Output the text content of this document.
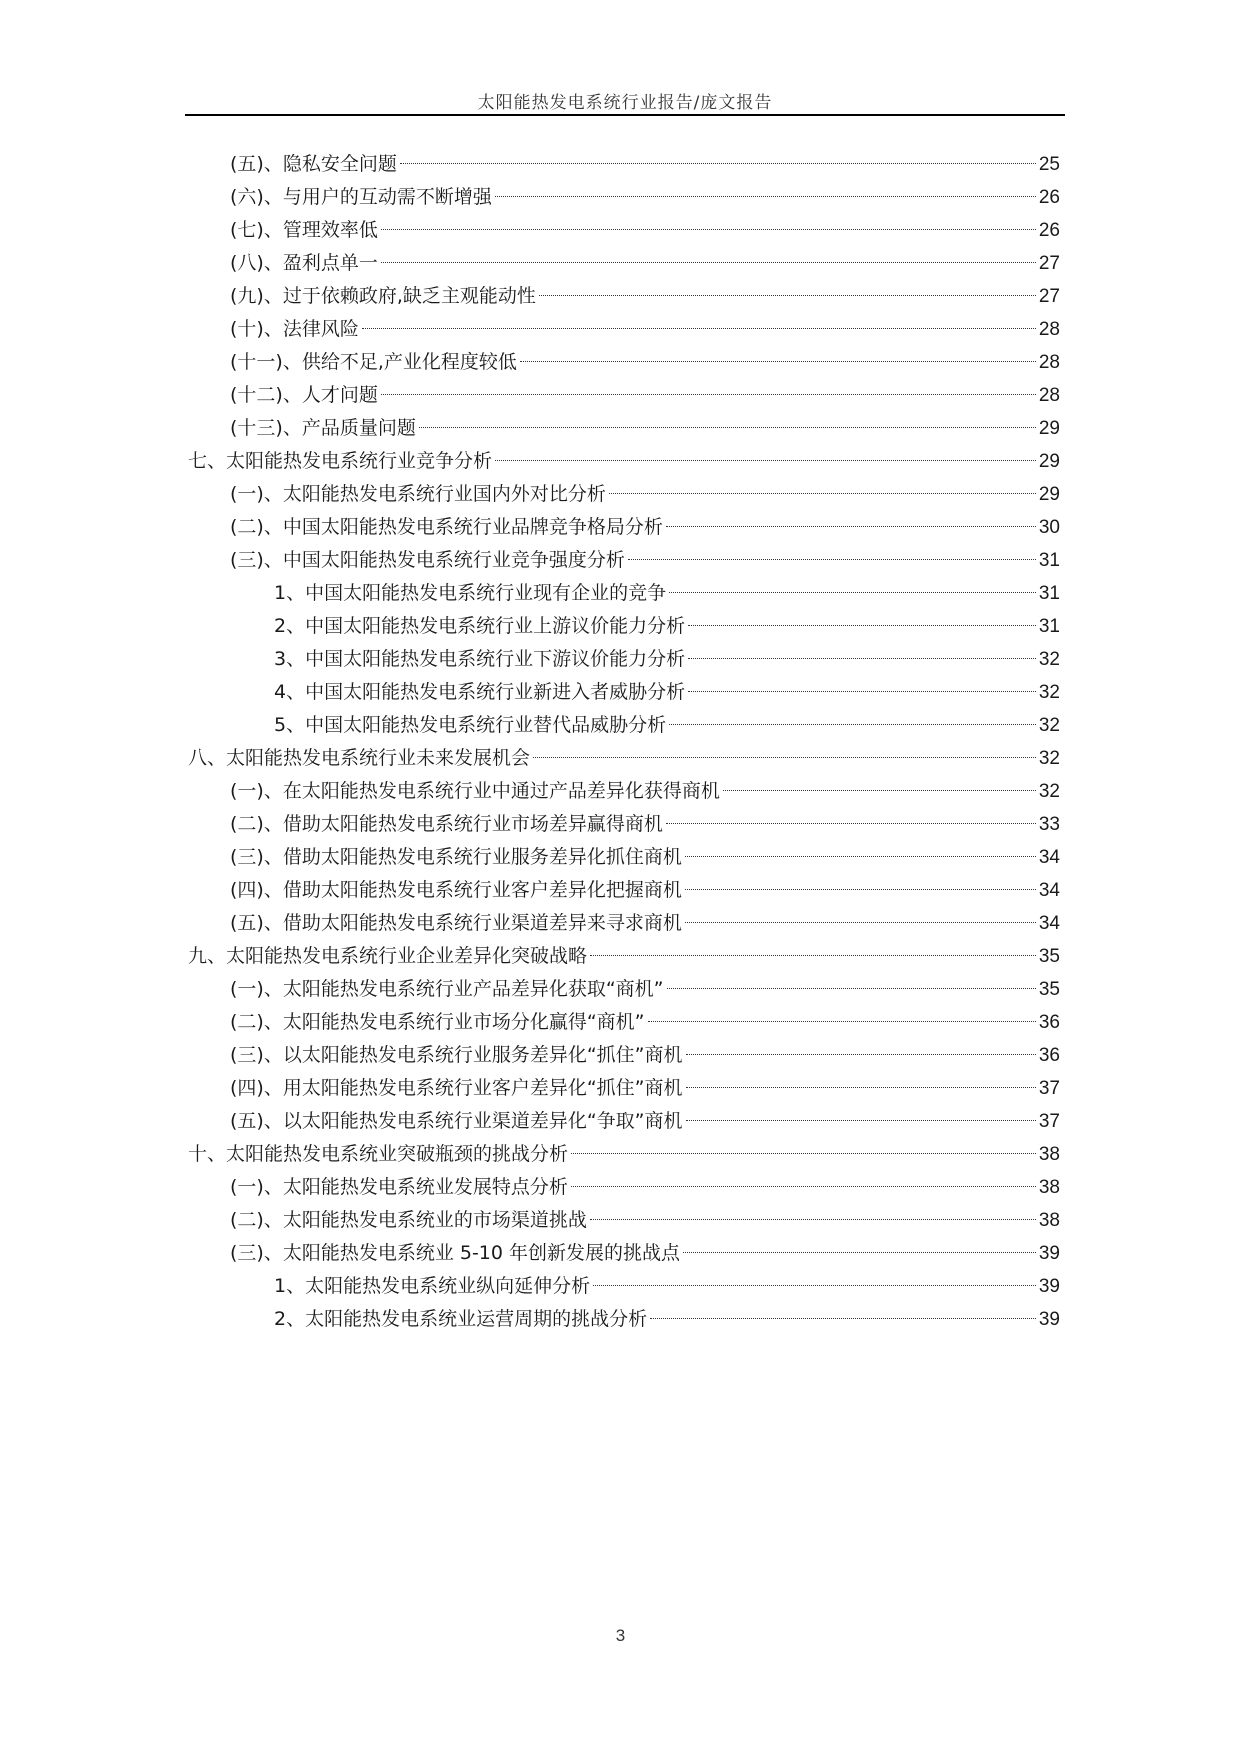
太阳能热发电系统行业报告/庞文报告
(五)、隐私安全问题	25
(六)、与用户的互动需不断增强	26
(七)、管理效率低	26
(八)、盈利点单一	27
(九)、过于依赖政府,缺乏主观能动性	27
(十)、法律风险	28
(十一)、供给不足,产业化程度较低	28
(十二)、人才问题	28
(十三)、产品质量问题	29
七、太阳能热发电系统行业竞争分析	29
(一)、太阳能热发电系统行业国内外对比分析	29
(二)、中国太阳能热发电系统行业品牌竞争格局分析	30
(三)、中国太阳能热发电系统行业竞争强度分析	31
1、中国太阳能热发电系统行业现有企业的竞争	31
2、中国太阳能热发电系统行业上游议价能力分析	31
3、中国太阳能热发电系统行业下游议价能力分析	32
4、中国太阳能热发电系统行业新进入者威胁分析	32
5、中国太阳能热发电系统行业替代品威胁分析	32
八、太阳能热发电系统行业未来发展机会	32
(一)、在太阳能热发电系统行业中通过产品差异化获得商机	32
(二)、借助太阳能热发电系统行业市场差异赢得商机	33
(三)、借助太阳能热发电系统行业服务差异化抓住商机	34
(四)、借助太阳能热发电系统行业客户差异化把握商机	34
(五)、借助太阳能热发电系统行业渠道差异来寻求商机	34
九、太阳能热发电系统行业企业差异化突破战略	35
(一)、太阳能热发电系统行业产品差异化获取“商机”	35
(二)、太阳能热发电系统行业市场分化赢得“商机”	36
(三)、以太阳能热发电系统行业服务差异化“抓住”商机	36
(四)、用太阳能热发电系统行业客户差异化“抓住”商机	37
(五)、以太阳能热发电系统行业渠道差异化“争取”商机	37
十、太阳能热发电系统业突破瓶颈的挑战分析	38
(一)、太阳能热发电系统业发展特点分析	38
(二)、太阳能热发电系统业的市场渠道挑战	38
(三)、太阳能热发电系统业 5-10 年创新发展的挑战点	39
1、太阳能热发电系统业纵向延伸分析	39
2、太阳能热发电系统业运营周期的挑战分析	39
3
